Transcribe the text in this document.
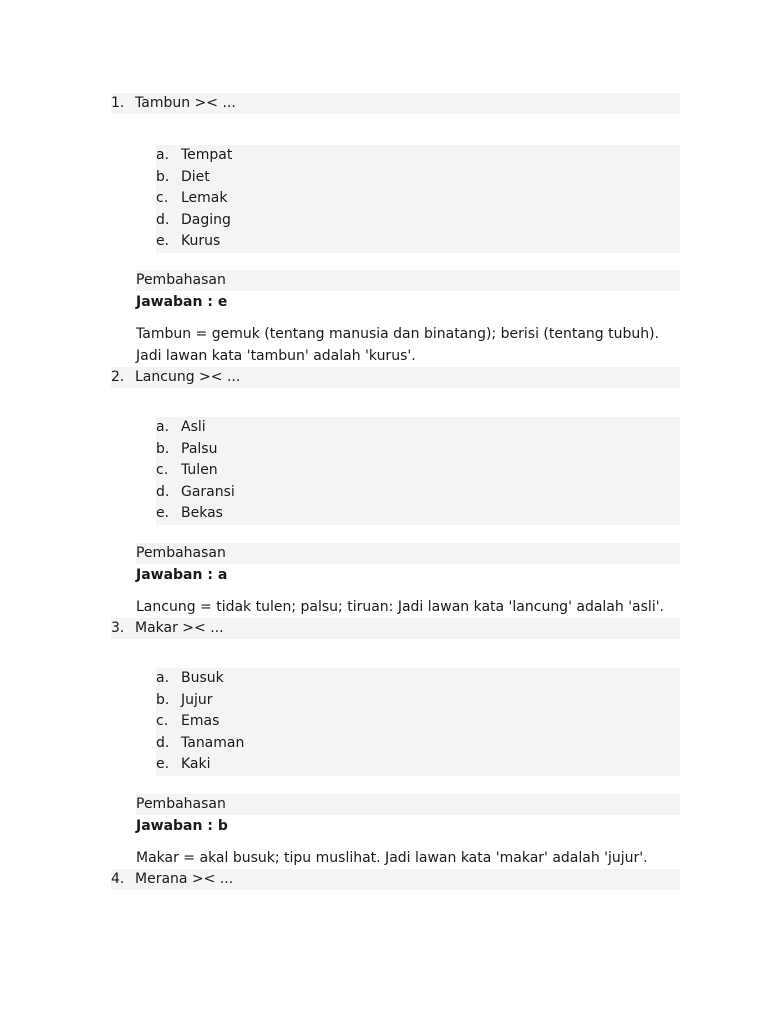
1. Tambun >< ...
a. Tempat
b. Diet
c. Lemak
d. Daging
e. Kurus
Pembahasan
Jawaban : e
Tambun = gemuk (tentang manusia dan binatang); berisi (tentang tubuh). Jadi lawan kata 'tambun' adalah 'kurus'.
2. Lancung >< ...
a. Asli
b. Palsu
c. Tulen
d. Garansi
e. Bekas
Pembahasan
Jawaban : a
Lancung = tidak tulen; palsu; tiruan: Jadi lawan kata 'lancung' adalah 'asli'.
3. Makar >< ...
a. Busuk
b. Jujur
c. Emas
d. Tanaman
e. Kaki
Pembahasan
Jawaban : b
Makar = akal busuk; tipu muslihat. Jadi lawan kata 'makar' adalah 'jujur'.
4. Merana >< ...
